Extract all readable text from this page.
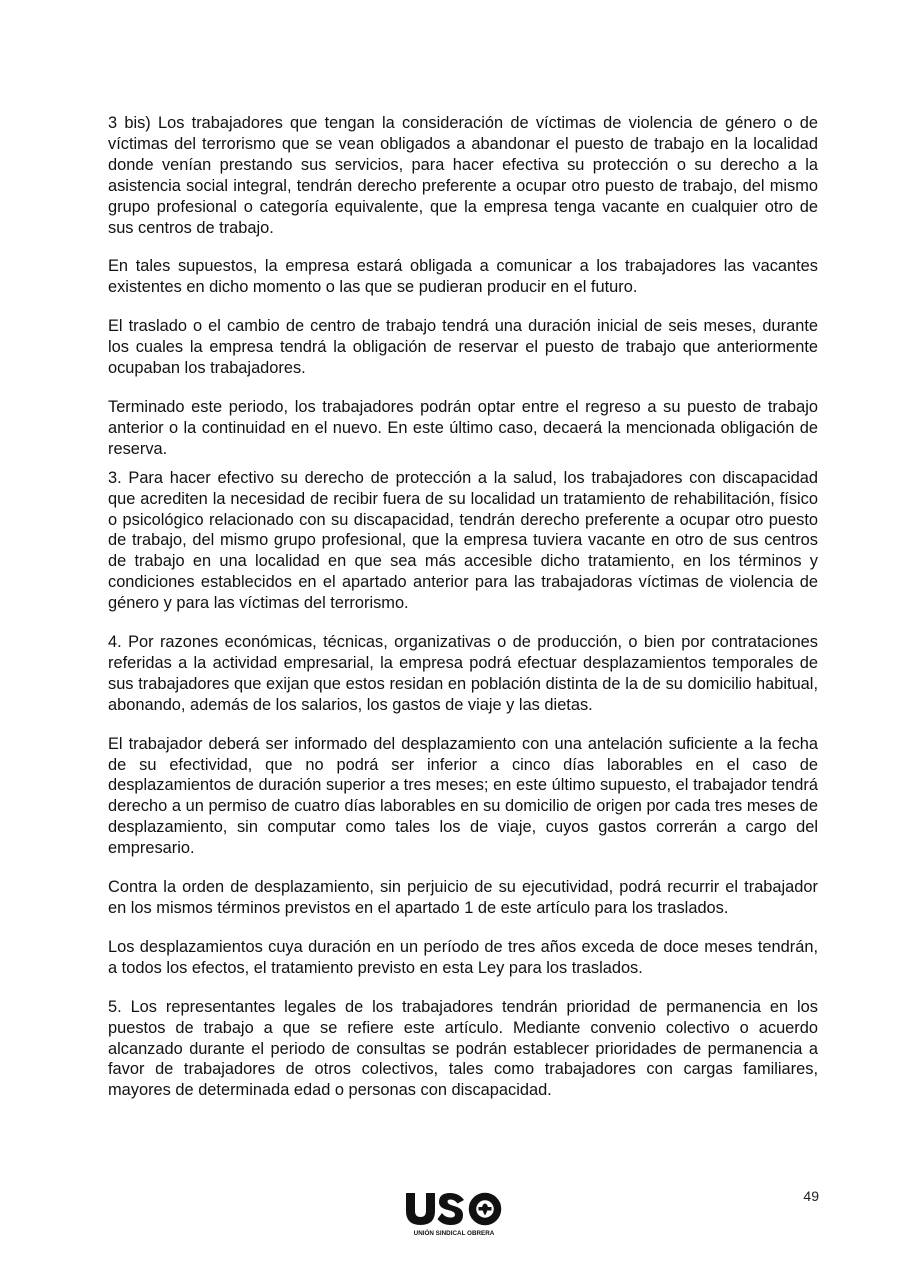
3 bis) Los trabajadores que tengan la consideración de víctimas de violencia de género o de víctimas del terrorismo que se vean obligados a abandonar el puesto de trabajo en la localidad donde venían prestando sus servicios, para hacer efectiva su protección o su derecho a la asistencia social integral, tendrán derecho preferente a ocupar otro puesto de trabajo, del mismo grupo profesional o categoría equivalente, que la empresa tenga vacante en cualquier otro de sus centros de trabajo.

En tales supuestos, la empresa estará obligada a comunicar a los trabajadores las vacantes existentes en dicho momento o las que se pudieran producir en el futuro.

El traslado o el cambio de centro de trabajo tendrá una duración inicial de seis meses, durante los cuales la empresa tendrá la obligación de reservar el puesto de trabajo que anteriormente ocupaban los trabajadores.

Terminado este periodo, los trabajadores podrán optar entre el regreso a su puesto de trabajo anterior o la continuidad en el nuevo. En este último caso, decaerá la mencionada obligación de reserva.

3. Para hacer efectivo su derecho de protección a la salud, los trabajadores con discapacidad que acrediten la necesidad de recibir fuera de su localidad un tratamiento de rehabilitación, físico o psicológico relacionado con su discapacidad, tendrán derecho preferente a ocupar otro puesto de trabajo, del mismo grupo profesional, que la empresa tuviera vacante en otro de sus centros de trabajo en una localidad en que sea más accesible dicho tratamiento, en los términos y condiciones establecidos en el apartado anterior para las trabajadoras víctimas de violencia de género y para las víctimas del terrorismo.

4. Por razones económicas, técnicas, organizativas o de producción, o bien por contrataciones referidas a la actividad empresarial, la empresa podrá efectuar desplazamientos temporales de sus trabajadores que exijan que estos residan en población distinta de la de su domicilio habitual, abonando, además de los salarios, los gastos de viaje y las dietas.

El trabajador deberá ser informado del desplazamiento con una antelación suficiente a la fecha de su efectividad, que no podrá ser inferior a cinco días laborables en el caso de desplazamientos de duración superior a tres meses; en este último supuesto, el trabajador tendrá derecho a un permiso de cuatro días laborables en su domicilio de origen por cada tres meses de desplazamiento, sin computar como tales los de viaje, cuyos gastos correrán a cargo del empresario.

Contra la orden de desplazamiento, sin perjuicio de su ejecutividad, podrá recurrir el trabajador en los mismos términos previstos en el apartado 1 de este artículo para los traslados.

Los desplazamientos cuya duración en un período de tres años exceda de doce meses tendrán, a todos los efectos, el tratamiento previsto en esta Ley para los traslados.

5. Los representantes legales de los trabajadores tendrán prioridad de permanencia en los puestos de trabajo a que se refiere este artículo. Mediante convenio colectivo o acuerdo alcanzado durante el periodo de consultas se podrán establecer prioridades de permanencia a favor de trabajadores de otros colectivos, tales como trabajadores con cargas familiares, mayores de determinada edad o personas con discapacidad.

UNIÓN SINDICAL OBRERA
49
